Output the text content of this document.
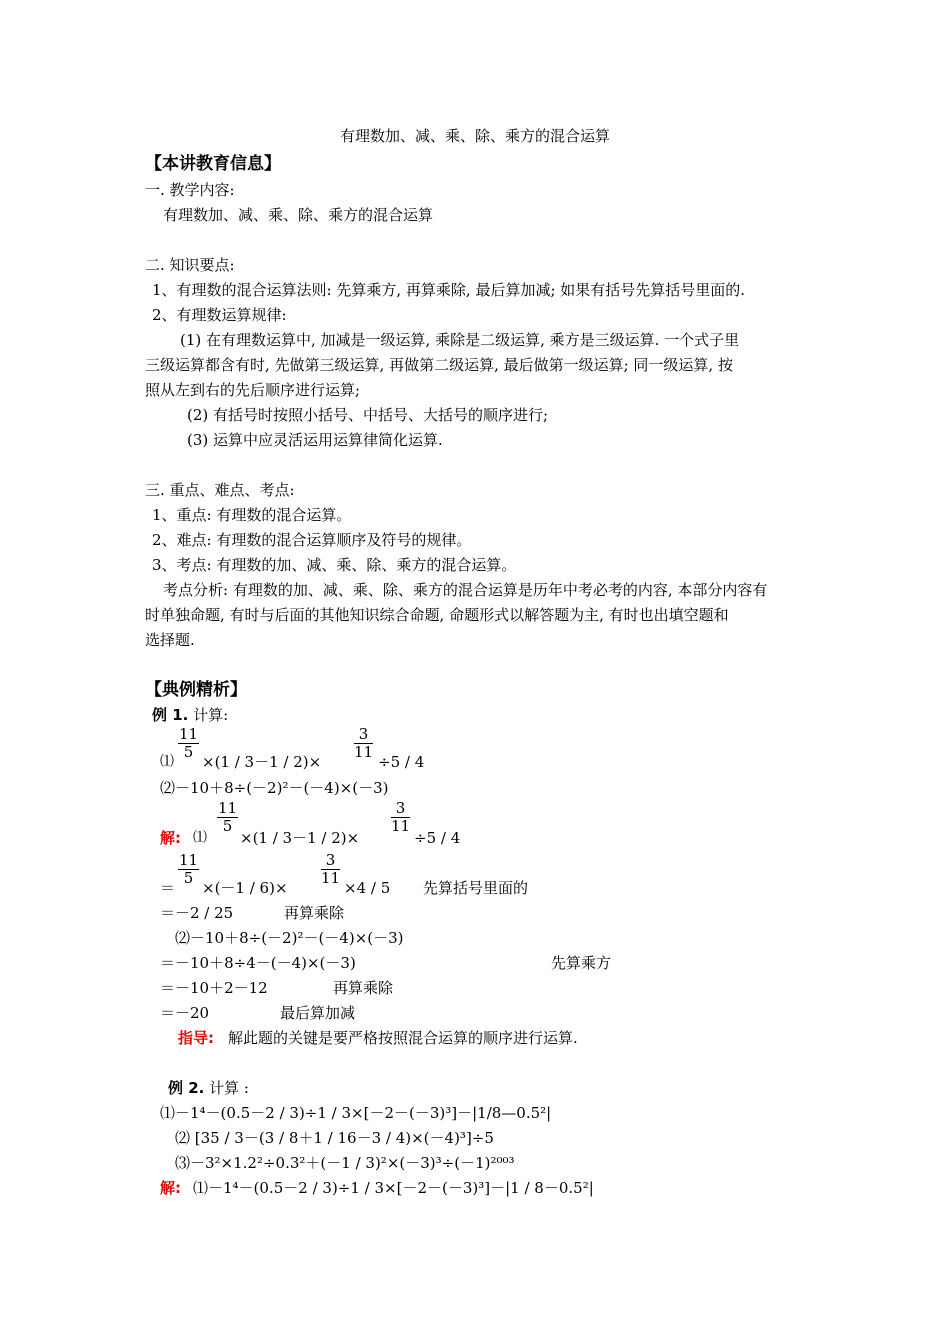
有理数加、减、乘、除、乘方的混合运算
【本讲教育信息】
一. 教学内容:
有理数加、减、乘、除、乘方的混合运算
二. 知识要点:
1、有理数的混合运算法则: 先算乘方, 再算乘除, 最后算加减; 如果有括号先算括号里面的.
2、有理数运算规律:
(1) 在有理数运算中, 加减是一级运算, 乘除是二级运算, 乘方是三级运算. 一个式子里
三级运算都含有时, 先做第三级运算, 再做第二级运算, 最后做第一级运算; 同一级运算, 按
照从左到右的先后顺序进行运算;
(2) 有括号时按照小括号、中括号、大括号的顺序进行;
(3) 运算中应灵活运用运算律简化运算.
三. 重点、难点、考点:
1、重点: 有理数的混合运算。
2、难点: 有理数的混合运算顺序及符号的规律。
3、考点: 有理数的加、减、乘、除、乘方的混合运算。
考点分析: 有理数的加、减、乘、除、乘方的混合运算是历年中考必考的内容, 本部分内容有
时单独命题, 有时与后面的其他知识综合命题, 命题形式以解答题为主, 有时也出填空题和
选择题.
【典例精析】
例 1. 计算:
$\frac{11}{5}$	$\frac{3}{11}$
⑴ ×(1 / 3－1 / 2)×	÷5 / 4
⑵－10＋8÷(－2)²－(－4)×(－3)
$\frac{11}{5}$	$\frac{3}{11}$
解: ⑴ ×(1 / 3－1 / 2)×	÷5 / 4
$\frac{11}{5}$	$\frac{3}{11}$
＝ ×(－1 / 6)×	×4 / 5 先算括号里面的
＝－2 / 25	再算乘除
⑵－10＋8÷(－2)²－(－4)×(－3)
＝－10＋8÷4－(－4)×(－3)	先算乘方
＝－10＋2－12	再算乘除
＝－20	最后算加减
指导: 解此题的关键是要严格按照混合运算的顺序进行运算.
例 2. 计算 :
⑴－1⁴－(0.5－2 / 3)÷1 / 3×[－2－(－3)³]－|1/8—0.5²|
⑵ [35 / 3－(3 / 8＋1 / 16－3 / 4)×(－4)³]÷5
⑶－3²×1.2²÷0.3²＋(－1 / 3)²×(－3)³÷(－1)²⁰⁰³
解: ⑴－1⁴－(0.5－2 / 3)÷1 / 3×[－2－(－3)³]－|1 / 8－0.5²|
